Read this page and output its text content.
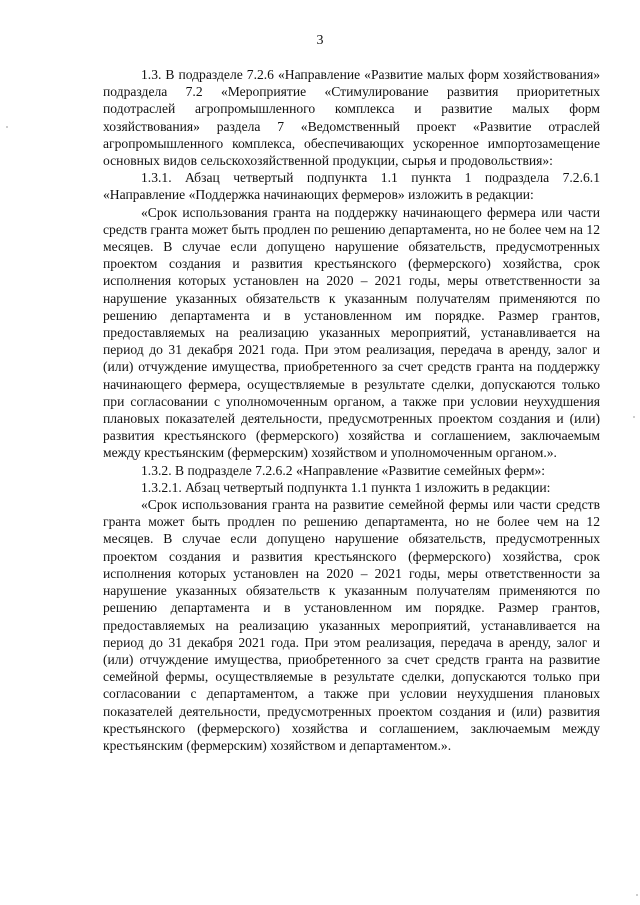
3

1.3. В подразделе 7.2.6 «Направление «Развитие малых форм хозяйствования» подраздела 7.2 «Мероприятие «Стимулирование развития приоритетных подотраслей агропромышленного комплекса и развитие малых форм хозяйствования» раздела 7 «Ведомственный проект «Развитие отраслей агропромышленного комплекса, обеспечивающих ускоренное импортозамещение основных видов сельскохозяйственной продукции, сырья и продовольствия»:

1.3.1. Абзац четвертый подпункта 1.1 пункта 1 подраздела 7.2.6.1 «Направление «Поддержка начинающих фермеров» изложить в редакции:

«Срок использования гранта на поддержку начинающего фермера или части средств гранта может быть продлен по решению департамента, но не более чем на 12 месяцев. В случае если допущено нарушение обязательств, предусмотренных проектом создания и развития крестьянского (фермерского) хозяйства, срок исполнения которых установлен на 2020 – 2021 годы, меры ответственности за нарушение указанных обязательств к указанным получателям применяются по решению департамента и в установленном им порядке. Размер грантов, предоставляемых на реализацию указанных мероприятий, устанавливается на период до 31 декабря 2021 года. При этом реализация, передача в аренду, залог и (или) отчуждение имущества, приобретенного за счет средств гранта на поддержку начинающего фермера, осуществляемые в результате сделки, допускаются только при согласовании с уполномоченным органом, а также при условии неухудшения плановых показателей деятельности, предусмотренных проектом создания и (или) развития крестьянского (фермерского) хозяйства и соглашением, заключаемым между крестьянским (фермерским) хозяйством и уполномоченным органом.».

1.3.2. В подразделе 7.2.6.2 «Направление «Развитие семейных ферм»:

1.3.2.1. Абзац четвертый подпункта 1.1 пункта 1 изложить в редакции:

«Срок использования гранта на развитие семейной фермы или части средств гранта может быть продлен по решению департамента, но не более чем на 12 месяцев. В случае если допущено нарушение обязательств, предусмотренных проектом создания и развития крестьянского (фермерского) хозяйства, срок исполнения которых установлен на 2020 – 2021 годы, меры ответственности за нарушение указанных обязательств к указанным получателям применяются по решению департамента и в установленном им порядке. Размер грантов, предоставляемых на реализацию указанных мероприятий, устанавливается на период до 31 декабря 2021 года. При этом реализация, передача в аренду, залог и (или) отчуждение имущества, приобретенного за счет средств гранта на развитие семейной фермы, осуществляемые в результате сделки, допускаются только при согласовании с департаментом, а также при условии неухудшения плановых показателей деятельности, предусмотренных проектом создания и (или) развития крестьянского (фермерского) хозяйства и соглашением, заключаемым между крестьянским (фермерским) хозяйством и департаментом.».
